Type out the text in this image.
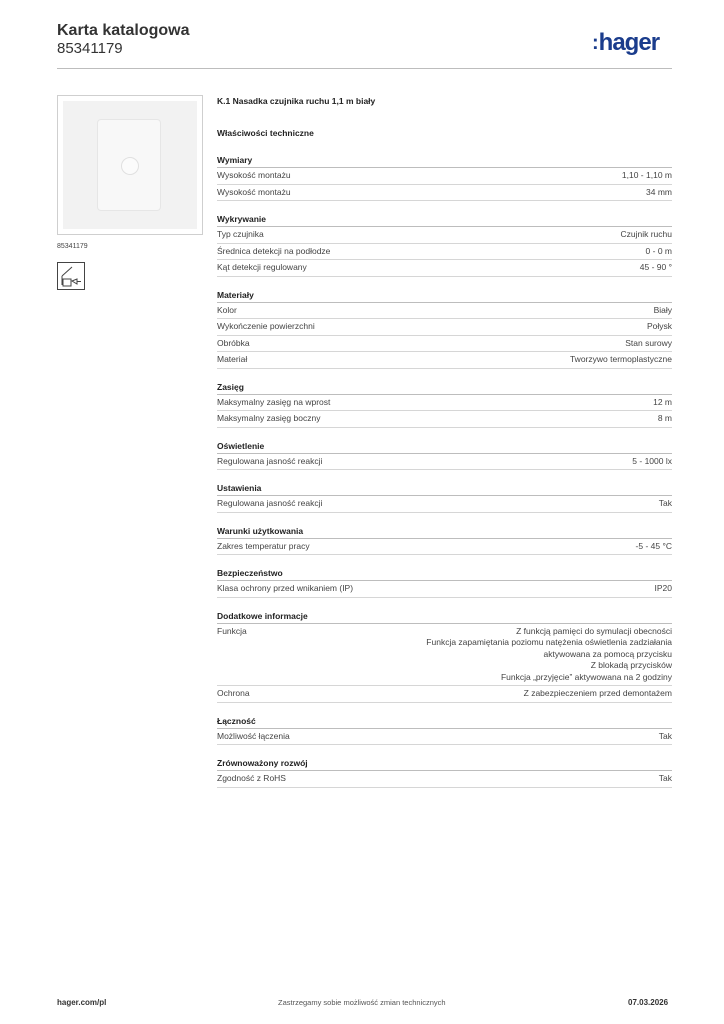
Karta katalogowa
85341179	:hager
85341179
K.1 Nasadka czujnika ruchu 1,1 m biały
Właściwości techniczne
Wymiary
Wysokość montażu	1,10 - 1,10 m
Wysokość montażu	34 mm
Wykrywanie
Typ czujnika	Czujnik ruchu
Średnica detekcji na podłodze	0 - 0 m
Kąt detekcji regulowany	45 - 90 °
Materiały
Kolor	Biały
Wykończenie powierzchni	Połysk
Obróbka	Stan surowy
Materiał	Tworzywo termoplastyczne
Zasięg
Maksymalny zasięg na wprost	12 m
Maksymalny zasięg boczny	8 m
Oświetlenie
Regulowana jasność reakcji	5 - 1000 lx
Ustawienia
Regulowana jasność reakcji	Tak
Warunki użytkowania
Zakres temperatur pracy	-5 - 45 °C
Bezpieczeństwo
Klasa ochrony przed wnikaniem (IP)	IP20
Dodatkowe informacje
Funkcja	Z funkcją pamięci do symulacji obecności
Funkcja zapamiętania poziomu natężenia oświetlenia zadziałania
aktywowana za pomocą przycisku
Z blokadą przycisków
Funkcja „przyjęcie” aktywowana na 2 godziny
Ochrona	Z zabezpieczeniem przed demontażem
Łączność
Możliwość łączenia	Tak
Zrównoważony rozwój
Zgodność z RoHS	Tak
hager.com/pl	Zastrzegamy sobie możliwość zmian technicznych	07.03.2026
